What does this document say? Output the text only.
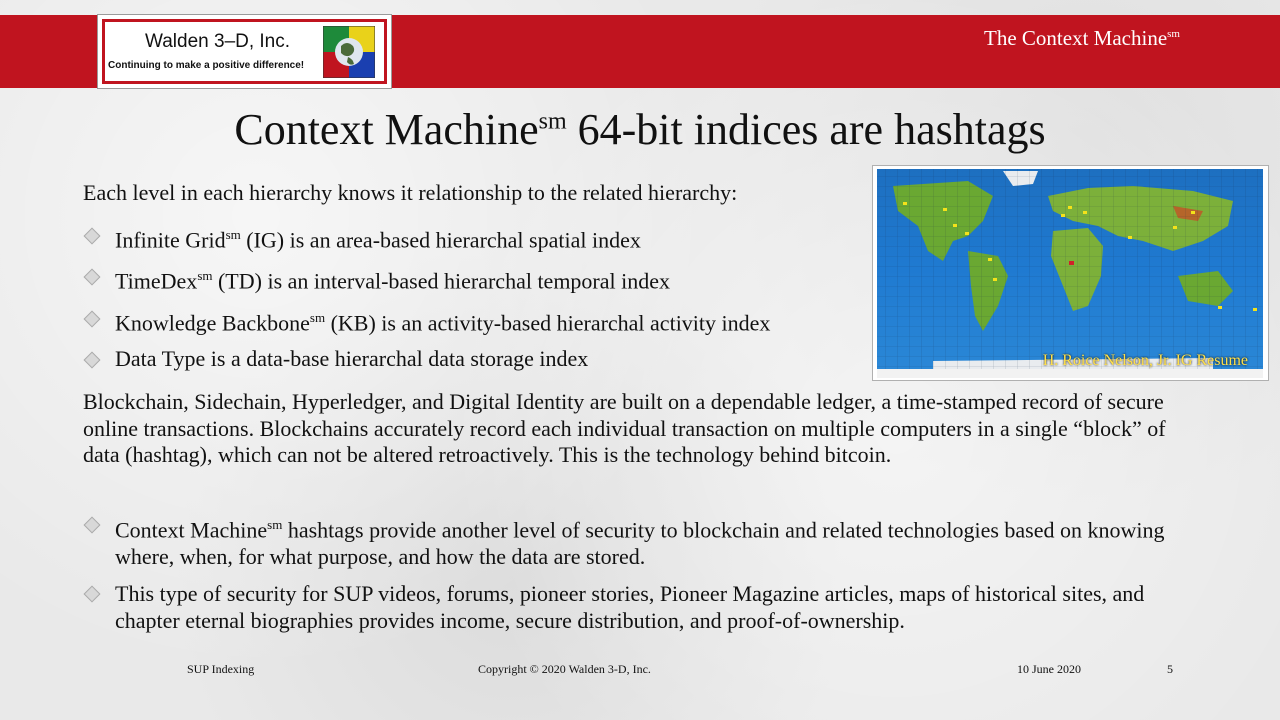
The Context Machine$^{sm}$
Walden 3–D, Inc.
Continuing to make a positive difference!
Context Machine$^{sm}$ 64-bit indices are hashtags
Each level in each hierarchy knows it relationship to the related hierarchy:
Infinite Grid$^{sm}$ (IG) is an area-based hierarchal spatial index
TimeDex$^{sm}$ (TD) is an interval-based hierarchal temporal index
Knowledge Backbone$^{sm}$ (KB) is an activity-based hierarchal activity index
Data Type is a data-base hierarchal data storage index	H. Roice Nelson, Jr. IG Resume
Blockchain, Sidechain, Hyperledger, and Digital Identity are built on a dependable ledger, a time-stamped record of secure online transactions. Blockchains accurately record each individual transaction on multiple computers in a single “block” of data (hashtag), which can not be altered retroactively. This is the technology behind bitcoin.
Context Machine$^{sm}$ hashtags provide another level of security to blockchain and related technologies based on knowing where, when, for what purpose, and how the data are stored.
This type of security for SUP videos, forums, pioneer stories, Pioneer Magazine articles, maps of historical sites, and chapter eternal biographies provides income, secure distribution, and proof-of-ownership.
SUP Indexing	Copyright © 2020 Walden 3-D, Inc.	10 June 2020	5
